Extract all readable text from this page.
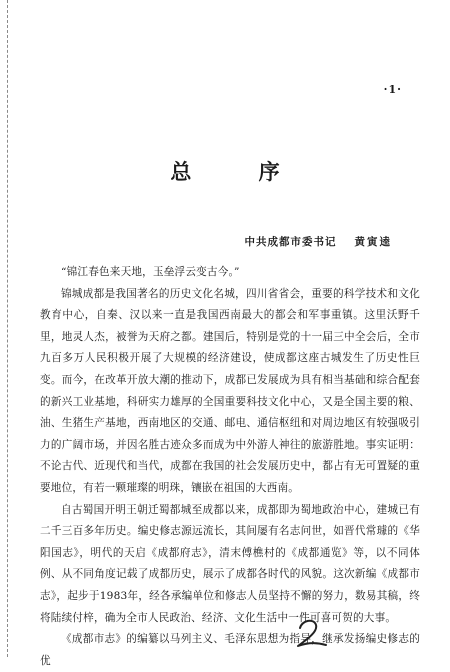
·1·
总 序
中共成都市委书记 黄寅逵

“锦江春色来天地，玉垒浮云变古今。”

锦城成都是我国著名的历史文化名城，四川省省会，重要的科学技术和文化教育中心，自秦、汉以来一直是我国西南最大的都会和军事重镇。这里沃野千里，地灵人杰，被誉为天府之都。建国后，特别是党的十一届三中全会后，全市九百多万人民积极开展了大规模的经济建设，使成都这座古城发生了历史性巨变。而今，在改革开放大潮的推动下，成都已发展成为具有相当基础和综合配套的新兴工业基地，科研实力雄厚的全国重要科技文化中心，又是全国主要的粮、油、生猪生产基地，西南地区的交通、邮电、通信枢纽和对周边地区有较强吸引力的广阔市场，并因名胜古迹众多而成为中外游人神往的旅游胜地。事实证明：不论古代、近现代和当代，成都在我国的社会发展历史中，都占有无可置疑的重要地位，有若一颗璀璨的明珠，镶嵌在祖国的大西南。

自古蜀国开明王朝迁蜀都城至成都以来，成都即为蜀地政治中心，建城已有二千三百多年历史。编史修志源远流长，其间屡有名志问世，如晋代常璩的《华阳国志》，明代的天启《成都府志》，清末傅樵村的《成都通览》等，以不同体例、从不同角度记载了成都历史，展示了成都各时代的风貌。这次新编《成都市志》，起步于1983年，经各承编单位和修志人员坚持不懈的努力，数易其稿，终将陆续付梓，确为全市人民政治、经济、文化生活中一件可喜可贺的大事。

《成都市志》的编纂以马列主义、毛泽东思想为指导，继承发扬编史修志的优
